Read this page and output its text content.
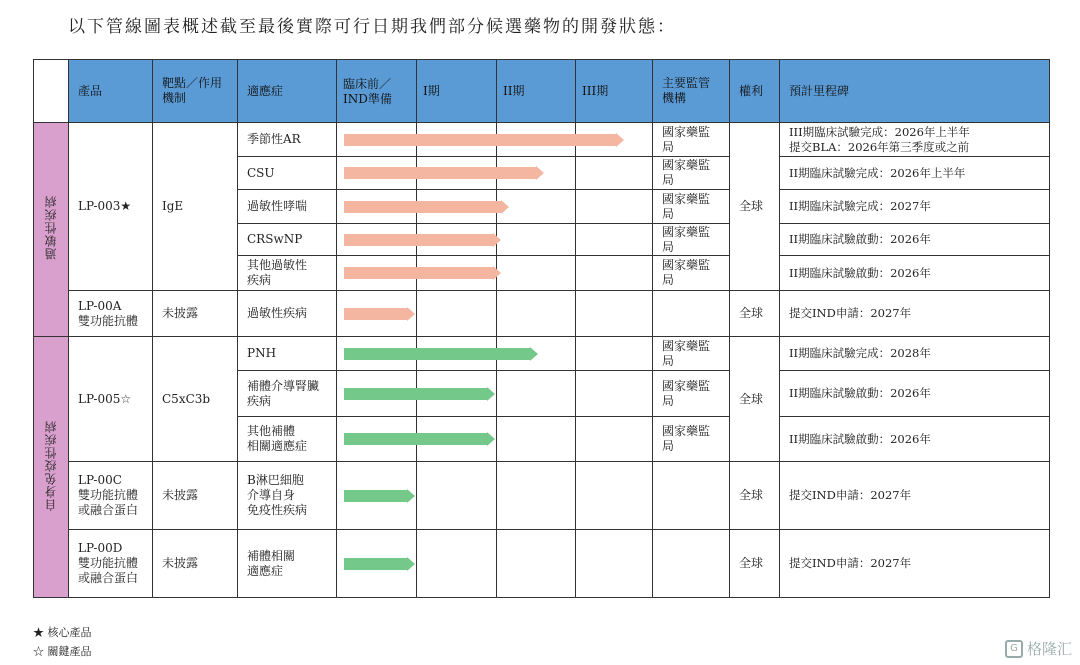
以下管線圖表概述截至最後實際可行日期我們部分候選藥物的開發狀態：
	產品	靶點／作用機制	適應症	臨床前／IND準備
I期 II期 III期	主要監管機構	權利	預計里程碑
過敏性疾病	LP-003★	IgE	季節性AR		國家藥監局	全球	III期臨床試驗完成：2026年上半年
提交BLA：2026年第三季度或之前
			CSU		國家藥監局		II期臨床試驗完成：2026年上半年
			過敏性哮喘		國家藥監局		II期臨床試驗完成：2027年
			CRSwNP		國家藥監局		II期臨床試驗啟動：2026年
			其他過敏性
疾病		國家藥監局		II期臨床試驗啟動：2026年
	LP-00A
雙功能抗體	未披露	過敏性疾病			全球	提交IND申請：2027年
自身免疫性疾病	LP-005☆	C5xC3b	PNH		國家藥監局	全球	II期臨床試驗完成：2028年
			補體介導腎臟
疾病		國家藥監局		II期臨床試驗啟動：2026年
			其他補體
相關適應症		國家藥監局		II期臨床試驗啟動：2026年
	LP-00C
雙功能抗體
或融合蛋白	未披露	B淋巴細胞
介導自身
免疫性疾病			全球	提交IND申請：2027年
	LP-00D
雙功能抗體
或融合蛋白	未披露	補體相關
適應症			全球	提交IND申請：2027年
★ 核心產品
☆ 關鍵產品	G 格隆汇
